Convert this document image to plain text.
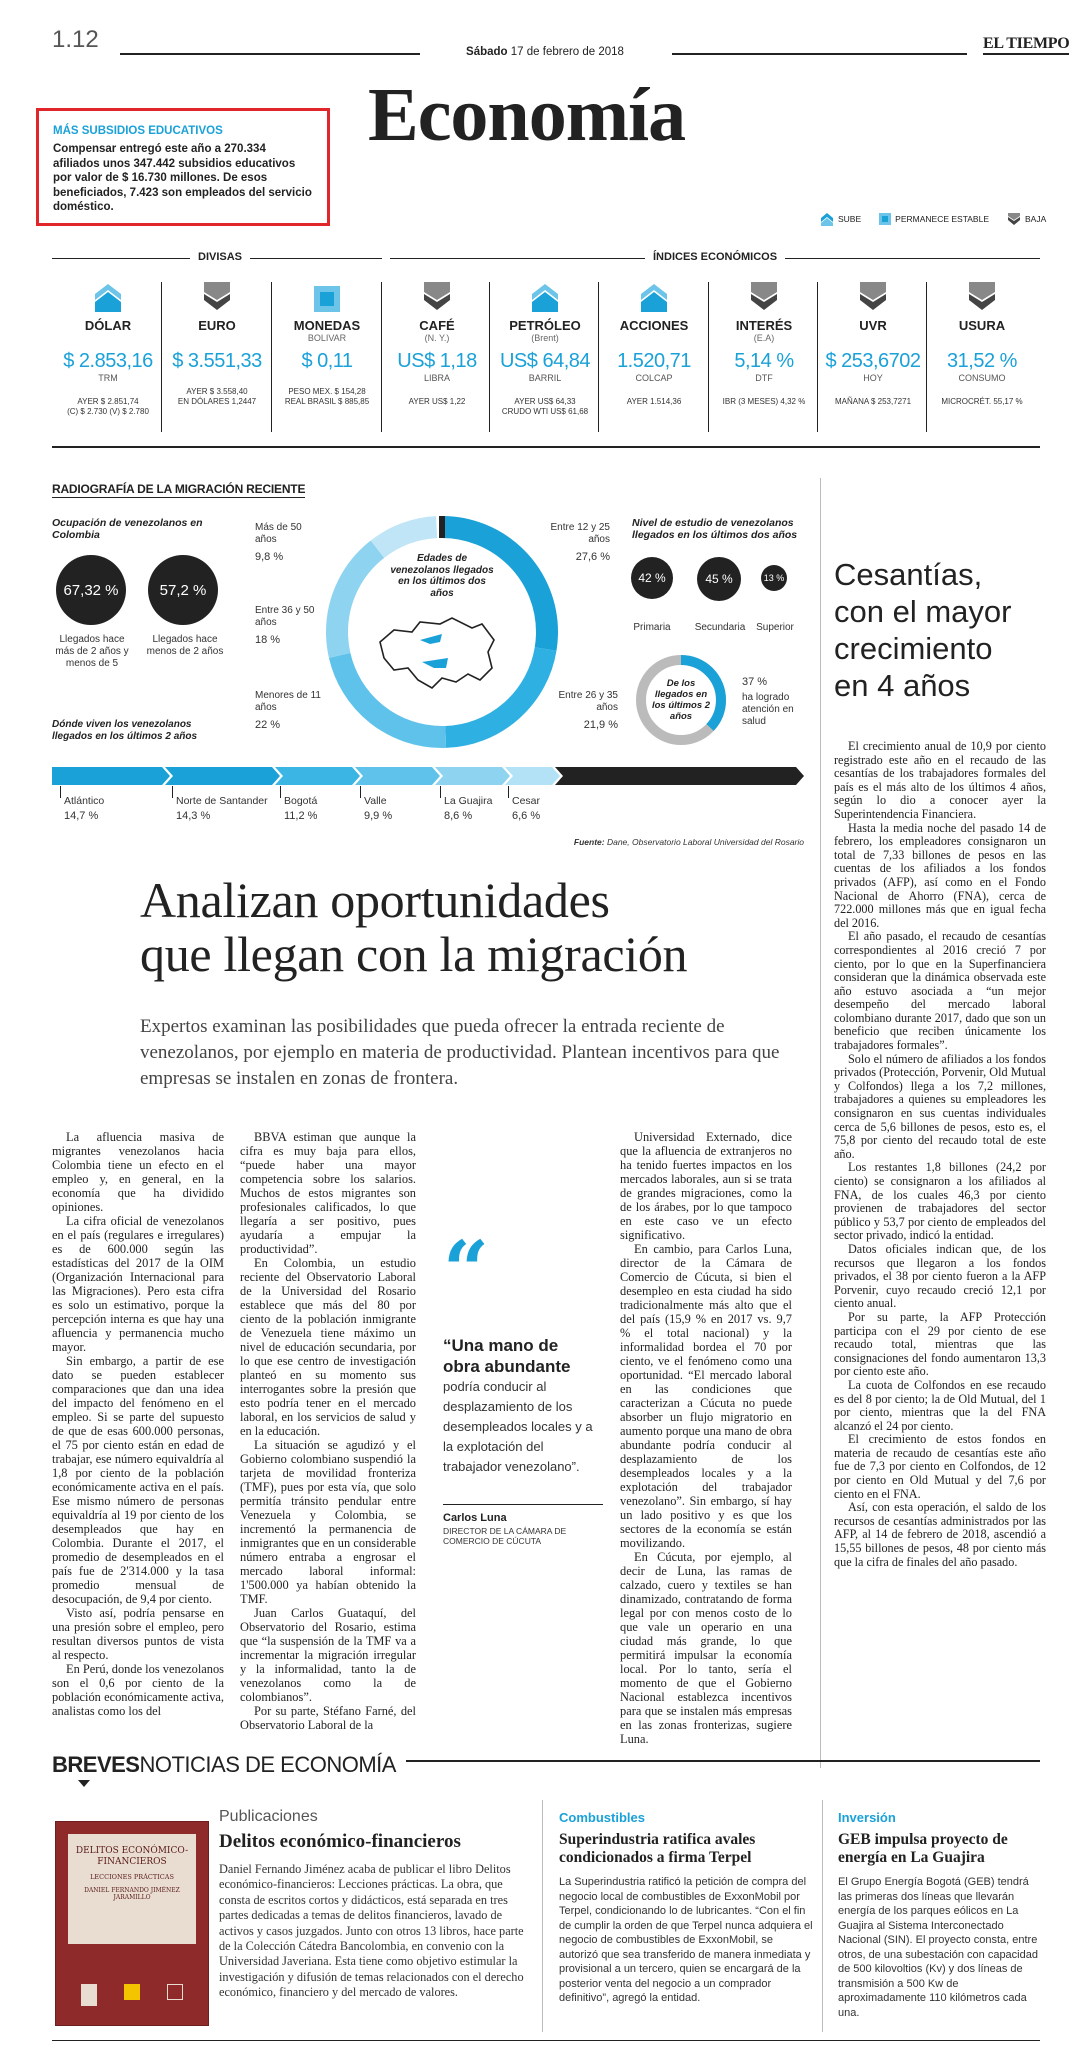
1.12	Sábado 17 de febrero de 2018	EL TIEMPO
Economía
MÁS SUBSIDIOS EDUCATIVOS
Compensar entregó este año a 270.334 afiliados unos 347.442 subsidios educativos por valor de $ 16.730 millones. De esos beneficiados, 7.423 son empleados del servicio doméstico.
SUBE	PERMANECE ESTABLE	BAJA
DIVISAS	ÍNDICES ECONÓMICOS
DÓLAR
$ 2.853,16
TRM
AYER $ 2.851,74
(C) $ 2.730 (V) $ 2.780
EURO
$ 3.551,33
AYER $ 3.558,40
EN DÓLARES 1,2447
MONEDAS
BOLIVAR
$ 0,11
PESO MEX. $ 154,28
REAL BRASIL $ 885,85
CAFÉ
(N. Y.)
US$ 1,18
LIBRA
AYER US$ 1,22
PETRÓLEO
(Brent)
US$ 64,84
BARRIL
AYER US$ 64,33
CRUDO WTI US$ 61,68
ACCIONES
1.520,71
COLCAP
AYER 1.514,36
INTERÉS
(E.A)
5,14 %
DTF
IBR (3 MESES) 4,32 %
UVR
$ 253,6702
HOY
MAÑANA $ 253,7271
USURA
31,52 %
CONSUMO
MICROCRÉT. 55,17 %
RADIOGRAFÍA DE LA MIGRACIÓN RECIENTE
Ocupación de venezolanos en Colombia
67,32 %
Llegados hace más de 2 años y menos de 5
57,2 %
Llegados hace menos de 2 años
Edades de venezolanos llegados en los últimos dos años
Más de 50 años
9,8 %
Entre 36 y 50 años
18 %
Menores de 11 años
22 %
Entre 12 y 25 años
27,6 %
Entre 26 y 35 años
21,9 %
Nivel de estudio de venezolanos llegados en los últimos dos años
42 %
Primaria
45 %
Secundaria
13 %
Superior
De los llegados en los últimos 2 años
37 %
ha logrado atención en salud
Dónde viven los venezolanos llegados en los últimos 2 años
Atlántico
14,7 %
Norte de Santander
14,3 %
Bogotá
11,2 %
Valle
9,9 %
La Guajira
8,6 %
Cesar
6,6 %
Fuente: Dane, Observatorio Laboral Universidad del Rosario
Analizan oportunidades
que llegan con la migración
Expertos examinan las posibilidades que pueda ofrecer la entrada reciente de venezolanos, por ejemplo en materia de productividad. Plantean incentivos para que empresas se instalen en zonas de frontera.

La afluencia masiva de migrantes venezolanos hacia Colombia tiene un efecto en el empleo y, en general, en la economía que ha dividido opiniones.

La cifra oficial de venezolanos en el país (regulares e irregulares) es de 600.000 según las estadísticas del 2017 de la OIM (Organización Internacional para las Migraciones). Pero esta cifra es solo un estimativo, porque la percepción interna es que hay una afluencia y permanencia mucho mayor.

Sin embargo, a partir de ese dato se pueden establecer comparaciones que dan una idea del impacto del fenómeno en el empleo. Si se parte del supuesto de que de esas 600.000 personas, el 75 por ciento están en edad de trabajar, ese número equivaldría al 1,8 por ciento de la población económicamente activa en el país. Ese mismo número de personas equivaldría al 19 por ciento de los desempleados que hay en Colombia. Durante el 2017, el promedio de desempleados en el país fue de 2'314.000 y la tasa promedio mensual de desocupación, de 9,4 por ciento.

Visto así, podría pensarse en una presión sobre el empleo, pero resultan diversos puntos de vista al respecto.

En Perú, donde los venezolanos son el 0,6 por ciento de la población económicamente activa, analistas como los del

BBVA estiman que aunque la cifra es muy baja para ellos, “puede haber una mayor competencia sobre los salarios. Muchos de estos migrantes son profesionales calificados, lo que llegaría a ser positivo, pues ayudaría a empujar la productividad”.

En Colombia, un estudio reciente del Observatorio Laboral de la Universidad del Rosario establece que más del 80 por ciento de la población inmigrante de Venezuela tiene máximo un nivel de educación secundaria, por lo que ese centro de investigación planteó en su momento sus interrogantes sobre la presión que esto podría tener en el mercado laboral, en los servicios de salud y en la educación.

La situación se agudizó y el Gobierno colombiano suspendió la tarjeta de movilidad fronteriza (TMF), pues por esta vía, que solo permitía tránsito pendular entre Venezuela y Colombia, se incrementó la permanencia de inmigrantes que en un considerable número entraba a engrosar el mercado laboral informal: 1'500.000 ya habían obtenido la TMF.

Juan Carlos Guataquí, del Observatorio del Rosario, estima que “la suspensión de la TMF va a incrementar la migración irregular y la informalidad, tanto la de venezolanos como la de colombianos”.

Por su parte, Stéfano Farné, del Observatorio Laboral de la

Universidad Externado, dice que la afluencia de extranjeros no ha tenido fuertes impactos en los mercados laborales, aun si se trata de grandes migraciones, como la de los árabes, por lo que tampoco en este caso ve un efecto significativo.

En cambio, para Carlos Luna, director de la Cámara de Comercio de Cúcuta, si bien el desempleo en esta ciudad ha sido tradicionalmente más alto que el del país (15,9 % en 2017 vs. 9,7 % el total nacional) y la informalidad bordea el 70 por ciento, ve el fenómeno como una oportunidad. “El mercado laboral en las condiciones que caracterizan a Cúcuta no puede absorber un flujo migratorio en aumento porque una mano de obra abundante podría conducir al desplazamiento de los desempleados locales y a la explotación del trabajador venezolano”. Sin embargo, sí hay un lado positivo y es que los sectores de la economía se están movilizando.

En Cúcuta, por ejemplo, al decir de Luna, las ramas de calzado, cuero y textiles se han dinamizado, contratando de forma legal por con menos costo de lo que vale un operario en una ciudad más grande, lo que permitirá impulsar la economía local. Por lo tanto, sería el momento de que el Gobierno Nacional establezca incentivos para que se instalen más empresas en las zonas fronterizas, sugiere Luna.

“
“Una mano de obra abundante
podría conducir al desplazamiento de los desempleados locales y a la explotación del trabajador venezolano”.
Carlos Luna
DIRECTOR DE LA CÁMARA DE COMERCIO DE CÚCUTA
Cesantías, con el mayor crecimiento en 4 años

El crecimiento anual de 10,9 por ciento registrado este año en el recaudo de las cesantías de los trabajadores formales del país es el más alto de los últimos 4 años, según lo dio a conocer ayer la Superintendencia Financiera.

Hasta la media noche del pasado 14 de febrero, los empleadores consignaron un total de 7,33 billones de pesos en las cuentas de los afiliados a los fondos privados (AFP), así como en el Fondo Nacional de Ahorro (FNA), cerca de 722.000 millones más que en igual fecha del 2016.

El año pasado, el recaudo de cesantías correspondientes al 2016 creció 7 por ciento, por lo que en la Superfinanciera consideran que la dinámica observada este año estuvo asociada a “un mejor desempeño del mercado laboral colombiano durante 2017, dado que son un beneficio que reciben únicamente los trabajadores formales”.

Solo el número de afiliados a los fondos privados (Protección, Porvenir, Old Mutual y Colfondos) llega a los 7,2 millones, trabajadores a quienes su empleadores les consignaron en sus cuentas individuales cerca de 5,6 billones de pesos, esto es, el 75,8 por ciento del recaudo total de este año.

Los restantes 1,8 billones (24,2 por ciento) se consignaron a los afiliados al FNA, de los cuales 46,3 por ciento provienen de trabajadores del sector público y 53,7 por ciento de empleados del sector privado, indicó la entidad.

Datos oficiales indican que, de los recursos que llegaron a los fondos privados, el 38 por ciento fueron a la AFP Porvenir, cuyo recaudo creció 12,1 por ciento anual.

Por su parte, la AFP Protección participa con el 29 por ciento de ese recaudo total, mientras que las consignaciones del fondo aumentaron 13,3 por ciento este año.

La cuota de Colfondos en ese recaudo es del 8 por ciento; la de Old Mutual, del 1 por ciento, mientras que la del FNA alcanzó el 24 por ciento.

El crecimiento de estos fondos en materia de recaudo de cesantías este año fue de 7,3 por ciento en Colfondos, de 12 por ciento en Old Mutual y del 7,6 por ciento en el FNA.

Así, con esta operación, el saldo de los recursos de cesantías administrados por las AFP, al 14 de febrero de 2018, ascendió a 15,55 billones de pesos, 48 por ciento más que la cifra de finales del año pasado.

BREVESNOTICIAS DE ECONOMÍA
DELITOS ECONÓMICO-FINANCIEROS
LECCIONES PRÁCTICAS
DANIEL FERNANDO JIMÉNEZ JARAMILLO
Publicaciones
Delitos económico-financieros
Daniel Fernando Jiménez acaba de publicar el libro Delitos económico-financieros: Lecciones prácticas. La obra, que consta de escritos cortos y didácticos, está separada en tres partes dedicadas a temas de delitos financieros, lavado de activos y casos juzgados. Junto con otros 13 libros, hace parte de la Colección Cátedra Bancolombia, en convenio con la Universidad Javeriana. Esta tiene como objetivo estimular la investigación y difusión de temas relacionados con el derecho económico, financiero y del mercado de valores.
Combustibles
Superindustria ratifica avales condicionados a firma Terpel
La Superindustria ratificó la petición de compra del negocio local de combustibles de ExxonMobil por Terpel, condicionando lo de lubricantes. “Con el fin de cumplir la orden de que Terpel nunca adquiera el negocio de combustibles de ExxonMobil, se autorizó que sea transferido de manera inmediata y provisional a un tercero, quien se encargará de la posterior venta del negocio a un comprador definitivo”, agregó la entidad.
Inversión
GEB impulsa proyecto de energía en La Guajira
El Grupo Energía Bogotá (GEB) tendrá las primeras dos líneas que llevarán energía de los parques eólicos en La Guajira al Sistema Interconectado Nacional (SIN). El proyecto consta, entre otros, de una subestación con capacidad de 500 kilovoltios (Kv) y dos líneas de transmisión a 500 Kw de aproximadamente 110 kilómetros cada una.
